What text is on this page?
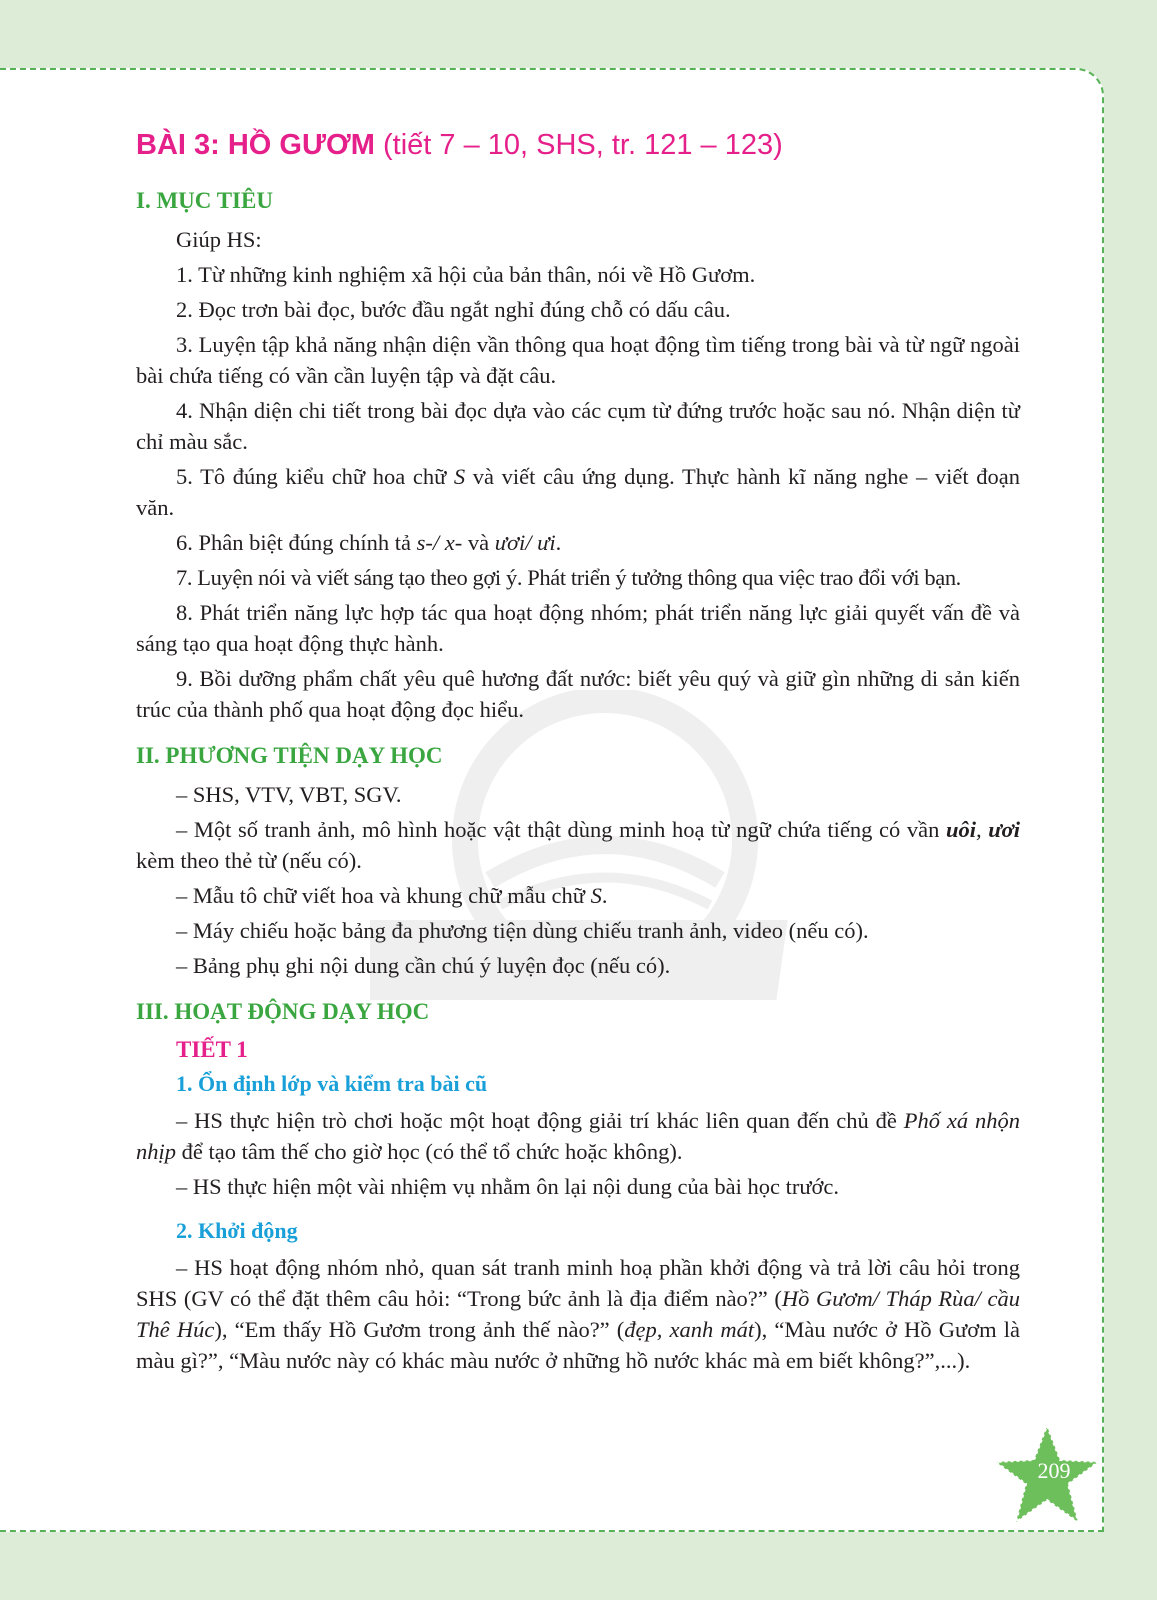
BÀI 3: HỒ GƯƠM (tiết 7 – 10, SHS, tr. 121 – 123)
I. MỤC TIÊU

Giúp HS:

1. Từ những kinh nghiệm xã hội của bản thân, nói về Hồ Gươm.

2. Đọc trơn bài đọc, bước đầu ngắt nghỉ đúng chỗ có dấu câu.

3. Luyện tập khả năng nhận diện vần thông qua hoạt động tìm tiếng trong bài và từ ngữ ngoài bài chứa tiếng có vần cần luyện tập và đặt câu.

4. Nhận diện chi tiết trong bài đọc dựa vào các cụm từ đứng trước hoặc sau nó. Nhận diện từ chỉ màu sắc.

5. Tô đúng kiểu chữ hoa chữ S và viết câu ứng dụng. Thực hành kĩ năng nghe – viết đoạn văn.

6. Phân biệt đúng chính tả s-/ x- và ươi/ ưi.

7. Luyện nói và viết sáng tạo theo gợi ý. Phát triển ý tưởng thông qua việc trao đổi với bạn.

8. Phát triển năng lực hợp tác qua hoạt động nhóm; phát triển năng lực giải quyết vấn đề và sáng tạo qua hoạt động thực hành.

9. Bồi dưỡng phẩm chất yêu quê hương đất nước: biết yêu quý và giữ gìn những di sản kiến trúc của thành phố qua hoạt động đọc hiểu.

II. PHƯƠNG TIỆN DẠY HỌC

– SHS, VTV, VBT, SGV.

– Một số tranh ảnh, mô hình hoặc vật thật dùng minh hoạ từ ngữ chứa tiếng có vần uôi, ươi kèm theo thẻ từ (nếu có).

– Mẫu tô chữ viết hoa và khung chữ mẫu chữ S.

– Máy chiếu hoặc bảng đa phương tiện dùng chiếu tranh ảnh, video (nếu có).

– Bảng phụ ghi nội dung cần chú ý luyện đọc (nếu có).

III. HOẠT ĐỘNG DẠY HỌC
TIẾT 1
1. Ổn định lớp và kiểm tra bài cũ

– HS thực hiện trò chơi hoặc một hoạt động giải trí khác liên quan đến chủ đề Phố xá nhộn nhịp để tạo tâm thế cho giờ học (có thể tổ chức hoặc không).

– HS thực hiện một vài nhiệm vụ nhằm ôn lại nội dung của bài học trước.

2. Khởi động

– HS hoạt động nhóm nhỏ, quan sát tranh minh hoạ phần khởi động và trả lời câu hỏi trong SHS (GV có thể đặt thêm câu hỏi: “Trong bức ảnh là địa điểm nào?” (Hồ Gươm/ Tháp Rùa/ cầu Thê Húc), “Em thấy Hồ Gươm trong ảnh thế nào?” (đẹp, xanh mát), “Màu nước ở Hồ Gươm là màu gì?”, “Màu nước này có khác màu nước ở những hồ nước khác mà em biết không?”,...).

209
